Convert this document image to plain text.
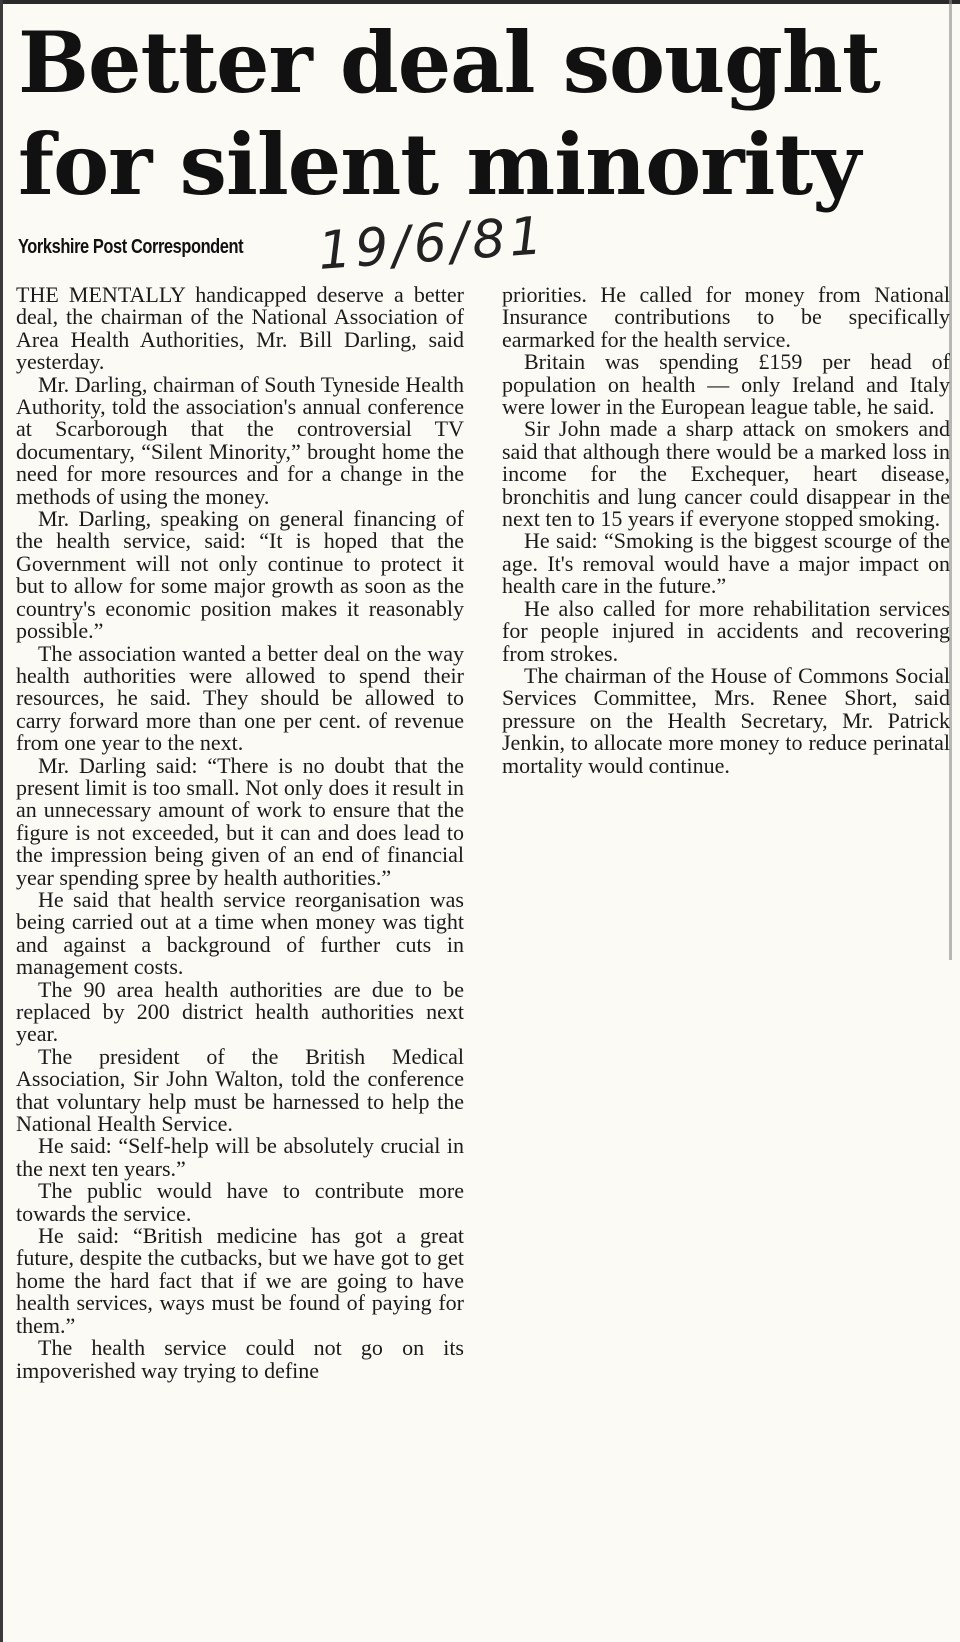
Better deal sought
for silent minority
Yorkshire Post Correspondent 19/6/81

THE MENTALLY handicapped deserve a better deal, the chairman of the National Association of Area Health Authorities, Mr. Bill Darling, said yesterday.

Mr. Darling, chairman of South Tyneside Health Authority, told the association's annual conference at Scarborough that the controversial TV documentary, “Silent Minority,” brought home the need for more resources and for a change in the methods of using the money.

Mr. Darling, speaking on general financing of the health service, said: “It is hoped that the Government will not only continue to protect it but to allow for some major growth as soon as the country's economic position makes it reasonably possible.”

The association wanted a better deal on the way health authorities were allowed to spend their resources, he said. They should be allowed to carry forward more than one per cent. of revenue from one year to the next.

Mr. Darling said: “There is no doubt that the present limit is too small. Not only does it result in an unnecessary amount of work to ensure that the figure is not exceeded, but it can and does lead to the impression being given of an end of financial year spending spree by health authorities.”

He said that health service reorganisation was being carried out at a time when money was tight and against a background of further cuts in management costs.

The 90 area health authorities are due to be replaced by 200 district health authorities next year.

The president of the British Medical Association, Sir John Walton, told the conference that voluntary help must be harnessed to help the National Health Service.

He said: “Self-help will be absolutely crucial in the next ten years.”

The public would have to contribute more towards the service.

He said: “British medicine has got a great future, despite the cutbacks, but we have got to get home the hard fact that if we are going to have health services, ways must be found of paying for them.”

The health service could not go on its impoverished way trying to define

priorities. He called for money from National Insurance contributions to be specifically earmarked for the health service.

Britain was spending £159 per head of population on health — only Ireland and Italy were lower in the European league table, he said.

Sir John made a sharp attack on smokers and said that although there would be a marked loss in income for the Exchequer, heart disease, bronchitis and lung cancer could disappear in the next ten to 15 years if everyone stopped smoking.

He said: “Smoking is the biggest scourge of the age. It's removal would have a major impact on health care in the future.”

He also called for more rehabilitation services for people injured in accidents and recovering from strokes.

The chairman of the House of Commons Social Services Committee, Mrs. Renee Short, said pressure on the Health Secretary, Mr. Patrick Jenkin, to allocate more money to reduce perinatal mortality would continue.
